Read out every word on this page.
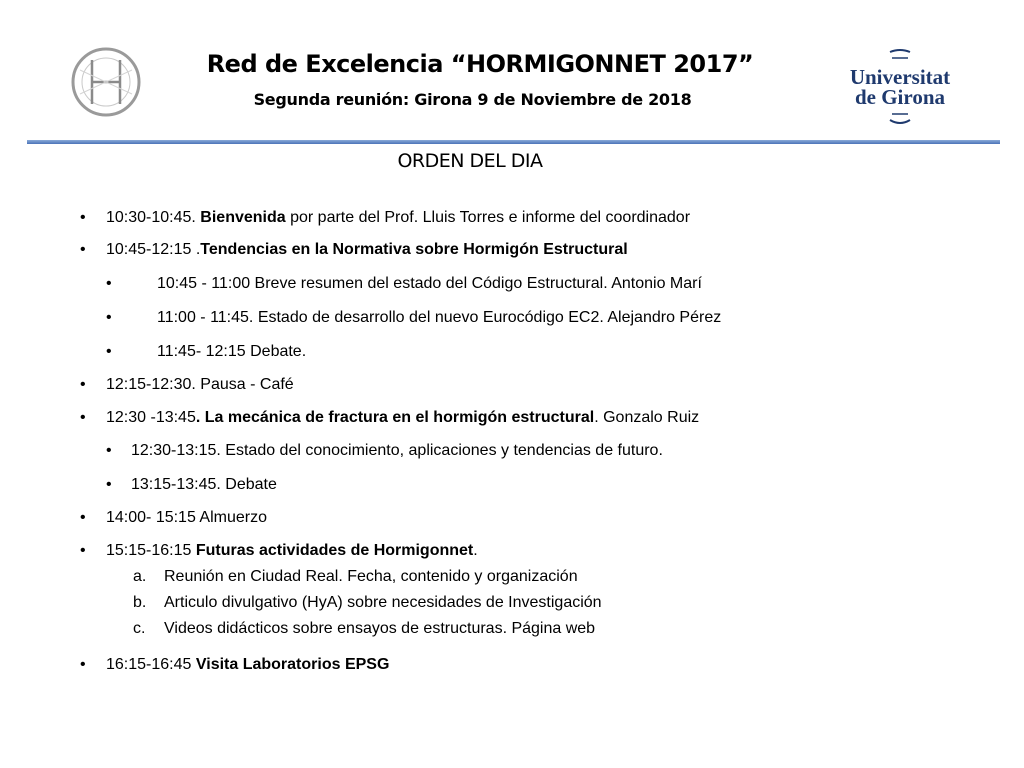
Universitat
de Girona
Red de Excelencia “HORMIGONNET 2017”
Segunda reunión: Girona 9 de Noviembre de 2018
ORDEN DEL DIA
• 10:30-10:45. Bienvenida por parte del Prof. Lluis Torres e informe del coordinador
• 10:45-12:15 .Tendencias en la Normativa sobre Hormigón Estructural
•	10:45 - 11:00 Breve resumen del estado del Código Estructural. Antonio Marí
•	11:00 - 11:45. Estado de desarrollo del nuevo Eurocódigo EC2. Alejandro Pérez
•	11:45- 12:15 Debate.
• 12:15-12:30. Pausa - Café
• 12:30 -13:45. La mecánica de fractura en el hormigón estructural. Gonzalo Ruiz
• 12:30-13:15. Estado del conocimiento, aplicaciones y tendencias de futuro.
• 13:15-13:45. Debate
• 14:00- 15:15 Almuerzo
• 15:15-16:15 Futuras actividades de Hormigonnet.
a. Reunión en Ciudad Real. Fecha, contenido y organización
b. Articulo divulgativo (HyA) sobre necesidades de Investigación
c. Videos didácticos sobre ensayos de estructuras. Página web
• 16:15-16:45 Visita Laboratorios EPSG
